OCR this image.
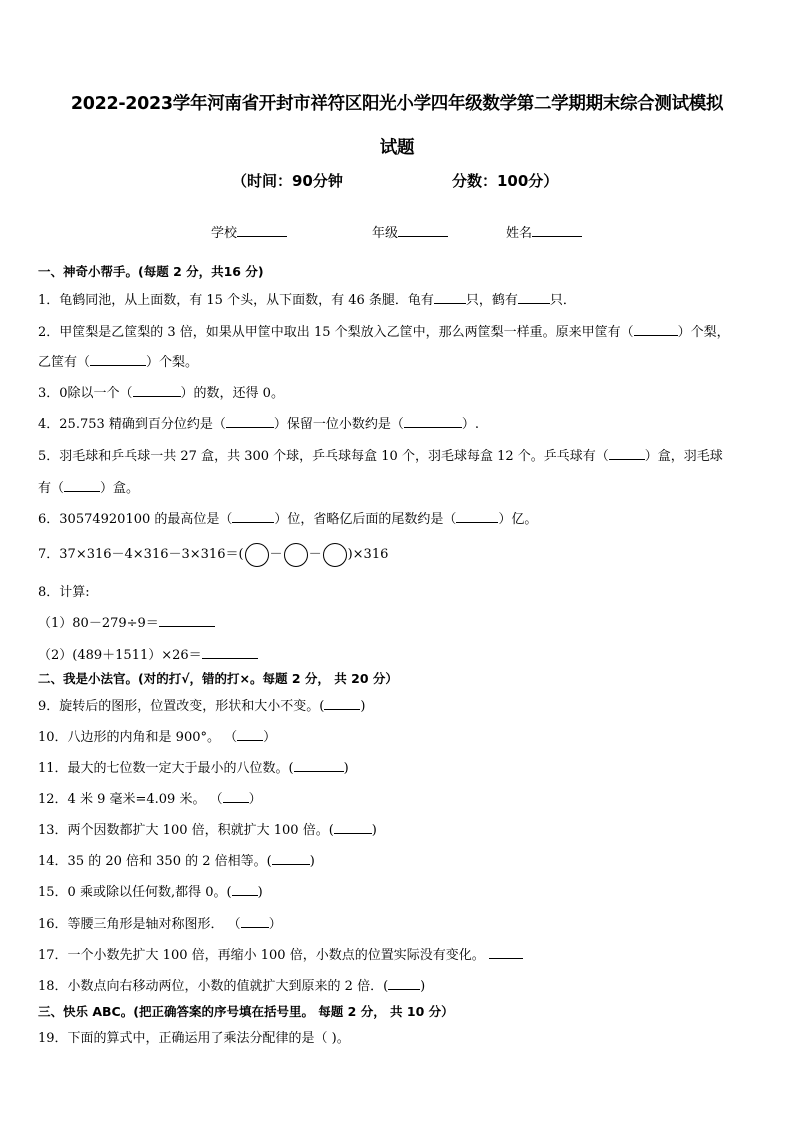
2022-2023学年河南省开封市祥符区阳光小学四年级数学第二学期期末综合测试模拟
试题
（时间：90分钟	分数：100分）
学校	年级	姓名
一、神奇小帮手。(每题 2 分，共16 分)
1．龟鹤同池，从上面数，有 15 个头，从下面数，有 46 条腿．龟有 只，鹤有 只．
2．甲筐梨是乙筐梨的 3 倍，如果从甲筐中取出 15 个梨放入乙筐中，那么两筐梨一样重。原来甲筐有（	）个梨，
乙筐有（	）个梨。
3．0除以一个（	）的数，还得 0。
4．25.753 精确到百分位约是（	）保留一位小数约是（	）.
5．羽毛球和乒乓球一共 27 盒，共 300 个球，乒乓球每盒 10 个，羽毛球每盒 12 个。乒乓球有（	）盒，羽毛球
有（	）盒。
6．30574920100 的最高位是（	）位，省略亿后面的尾数约是（	）亿。
7．37×316－4×316－3×316＝( － － )×316
8．计算:
（1）80－279÷9＝
（2）(489＋1511）×26＝
二、我是小法官。(对的打√，错的打×。每题 2 分， 共 20 分）
9．旋转后的图形，位置改变，形状和大小不变。(	)
10．八边形的内角和是 900°。 （ ）
11．最大的七位数一定大于最小的八位数。(	)
12．4 米 9 毫米=4.09 米。 （ ）
13．两个因数都扩大 100 倍，积就扩大 100 倍。(	)
14．35 的 20 倍和 350 的 2 倍相等。(	)
15．0 乘或除以任何数,都得 0。( )
16．等腰三角形是轴对称图形． （ ）
17．一个小数先扩大 100 倍，再缩小 100 倍，小数点的位置实际没有变化。
18．小数点向右移动两位，小数的值就扩大到原来的 2 倍．( )
三、快乐 ABC。(把正确答案的序号填在括号里。 每题 2 分， 共 10 分）
19．下面的算式中，正确运用了乘法分配律的是（ )。
